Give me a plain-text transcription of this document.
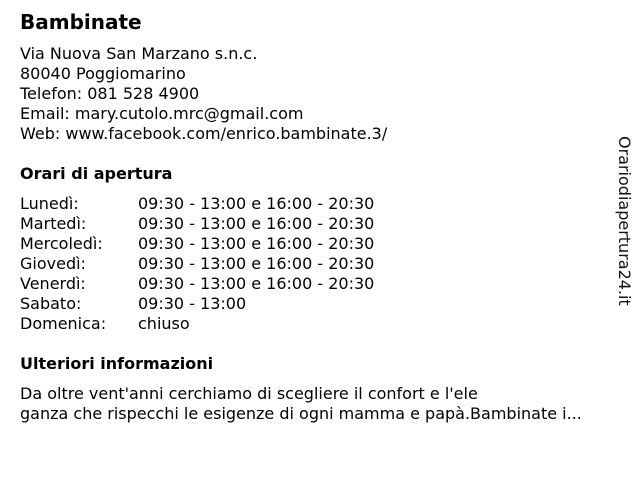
Bambinate
Via Nuova San Marzano s.n.c.
80040 Poggiomarino
Telefon: 081 528 4900
Email: mary.cutolo.mrc@gmail.com
Web: www.facebook.com/enrico.bambinate.3/
Orari di apertura
Lunedì:	09:30 - 13:00 e 16:00 - 20:30
Martedì:	09:30 - 13:00 e 16:00 - 20:30
Mercoledì: 09:30 - 13:00 e 16:00 - 20:30
Giovedì:	09:30 - 13:00 e 16:00 - 20:30
Venerdì:	09:30 - 13:00 e 16:00 - 20:30
Sabato:	09:30 - 13:00
Domenica: chiuso
Ulteriori informazioni
Da oltre vent'anni cerchiamo di scegliere il confort e l'ele
ganza che rispecchi le esigenze di ogni mamma e papà.Bambinate i...
Orariodiapertura24.it
